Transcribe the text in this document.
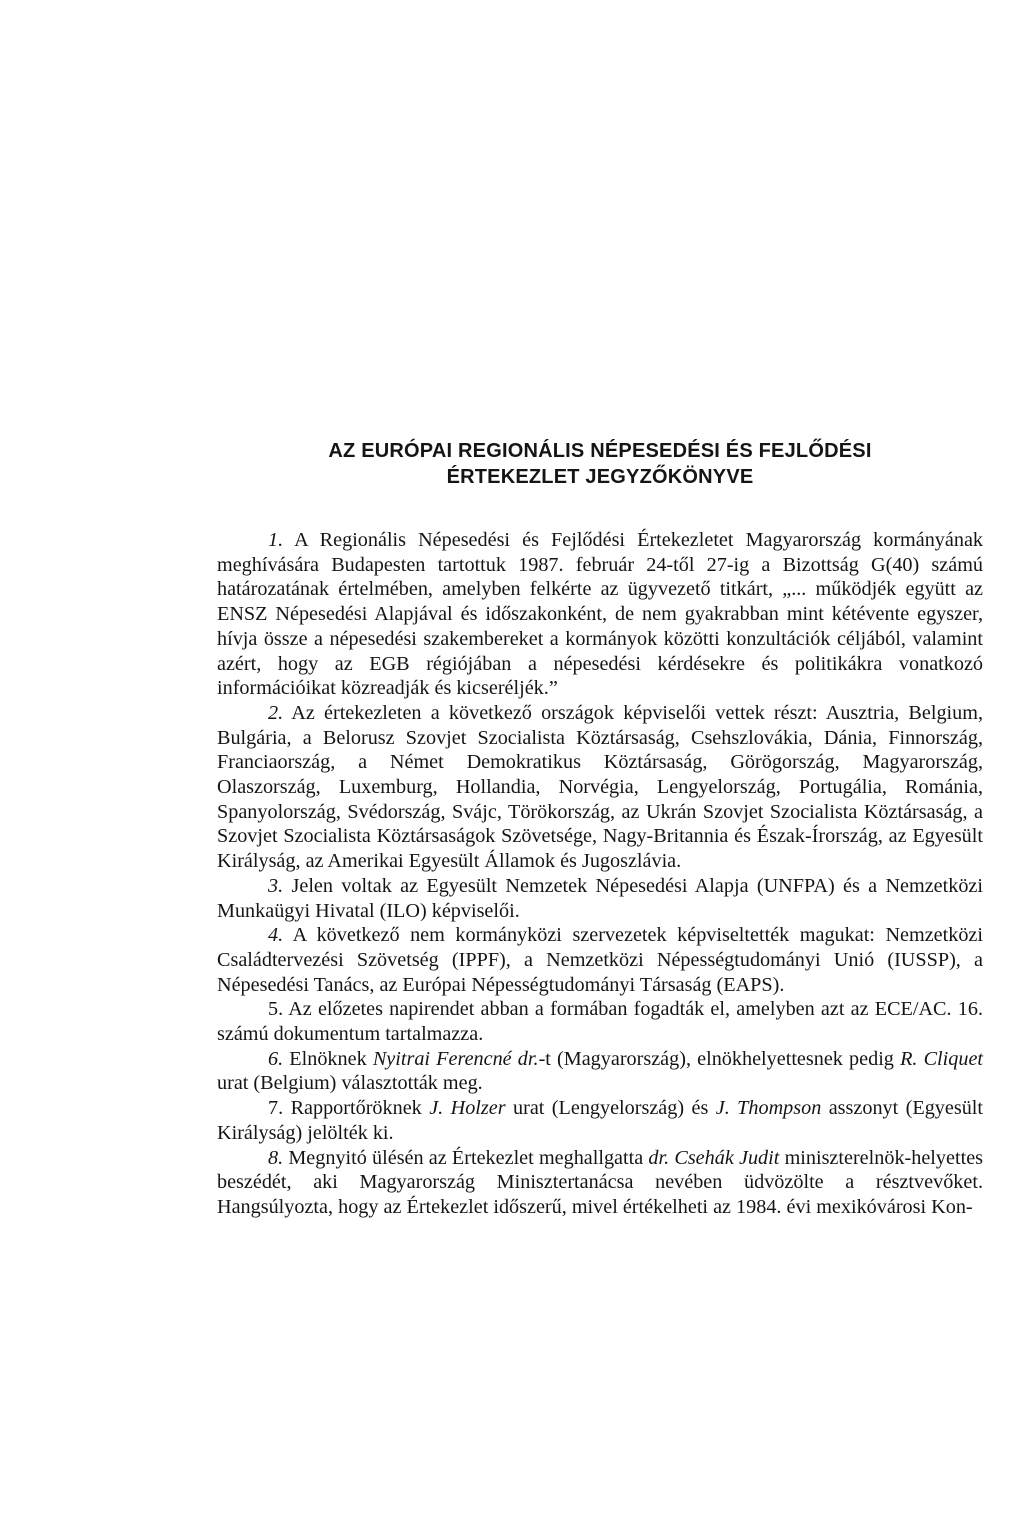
AZ EURÓPAI REGIONÁLIS NÉPESEDÉSI ÉS FEJLŐDÉSI
ÉRTEKEZLET JEGYZŐKÖNYVE

1. A Regionális Népesedési és Fejlődési Értekezletet Magyarország kormányának meghívására Budapesten tartottuk 1987. február 24-től 27-ig a Bizottság G(40) számú határozatának értelmében, amelyben felkérte az ügyvezető titkárt, „... működjék együtt az ENSZ Népesedési Alapjával és időszakonként, de nem gyakrabban mint kétévente egyszer, hívja össze a népesedési szakembereket a kormányok közötti konzultációk céljából, valamint azért, hogy az EGB régiójában a népesedési kérdésekre és politikákra vonatkozó információikat közreadják és kicseréljék.”

2. Az értekezleten a következő országok képviselői vettek részt: Ausztria, Belgium, Bulgária, a Belorusz Szovjet Szocialista Köztársaság, Csehszlovákia, Dánia, Finnország, Franciaország, a Német Demokratikus Köztársaság, Görögország, Magyarország, Olaszország, Luxemburg, Hollandia, Norvégia, Lengyelország, Portugália, Románia, Spanyolország, Svédország, Svájc, Törökország, az Ukrán Szovjet Szocialista Köztársaság, a Szovjet Szocialista Köztársaságok Szövetsége, Nagy-Britannia és Észak-Írország, az Egyesült Királyság, az Amerikai Egyesült Államok és Jugoszlávia.

3. Jelen voltak az Egyesült Nemzetek Népesedési Alapja (UNFPA) és a Nemzetközi Munkaügyi Hivatal (ILO) képviselői.

4. A következő nem kormányközi szervezetek képviseltették magukat: Nemzetközi Családtervezési Szövetség (IPPF), a Nemzetközi Népességtudományi Unió (IUSSP), a Népesedési Tanács, az Európai Népességtudományi Társaság (EAPS).

5. Az előzetes napirendet abban a formában fogadták el, amelyben azt az ECE/AC. 16. számú dokumentum tartalmazza.

6. Elnöknek Nyitrai Ferencné dr.-t (Magyarország), elnökhelyettesnek pedig R. Cliquet urat (Belgium) választották meg.

7. Rapportőröknek J. Holzer urat (Lengyelország) és J. Thompson asszonyt (Egyesült Királyság) jelölték ki.

8. Megnyitó ülésén az Értekezlet meghallgatta dr. Csehák Judit miniszterelnök-helyettes beszédét, aki Magyarország Minisztertanácsa nevében üdvözölte a résztvevőket. Hangsúlyozta, hogy az Értekezlet időszerű, mivel értékelheti az 1984. évi mexikóvárosi Kon-
